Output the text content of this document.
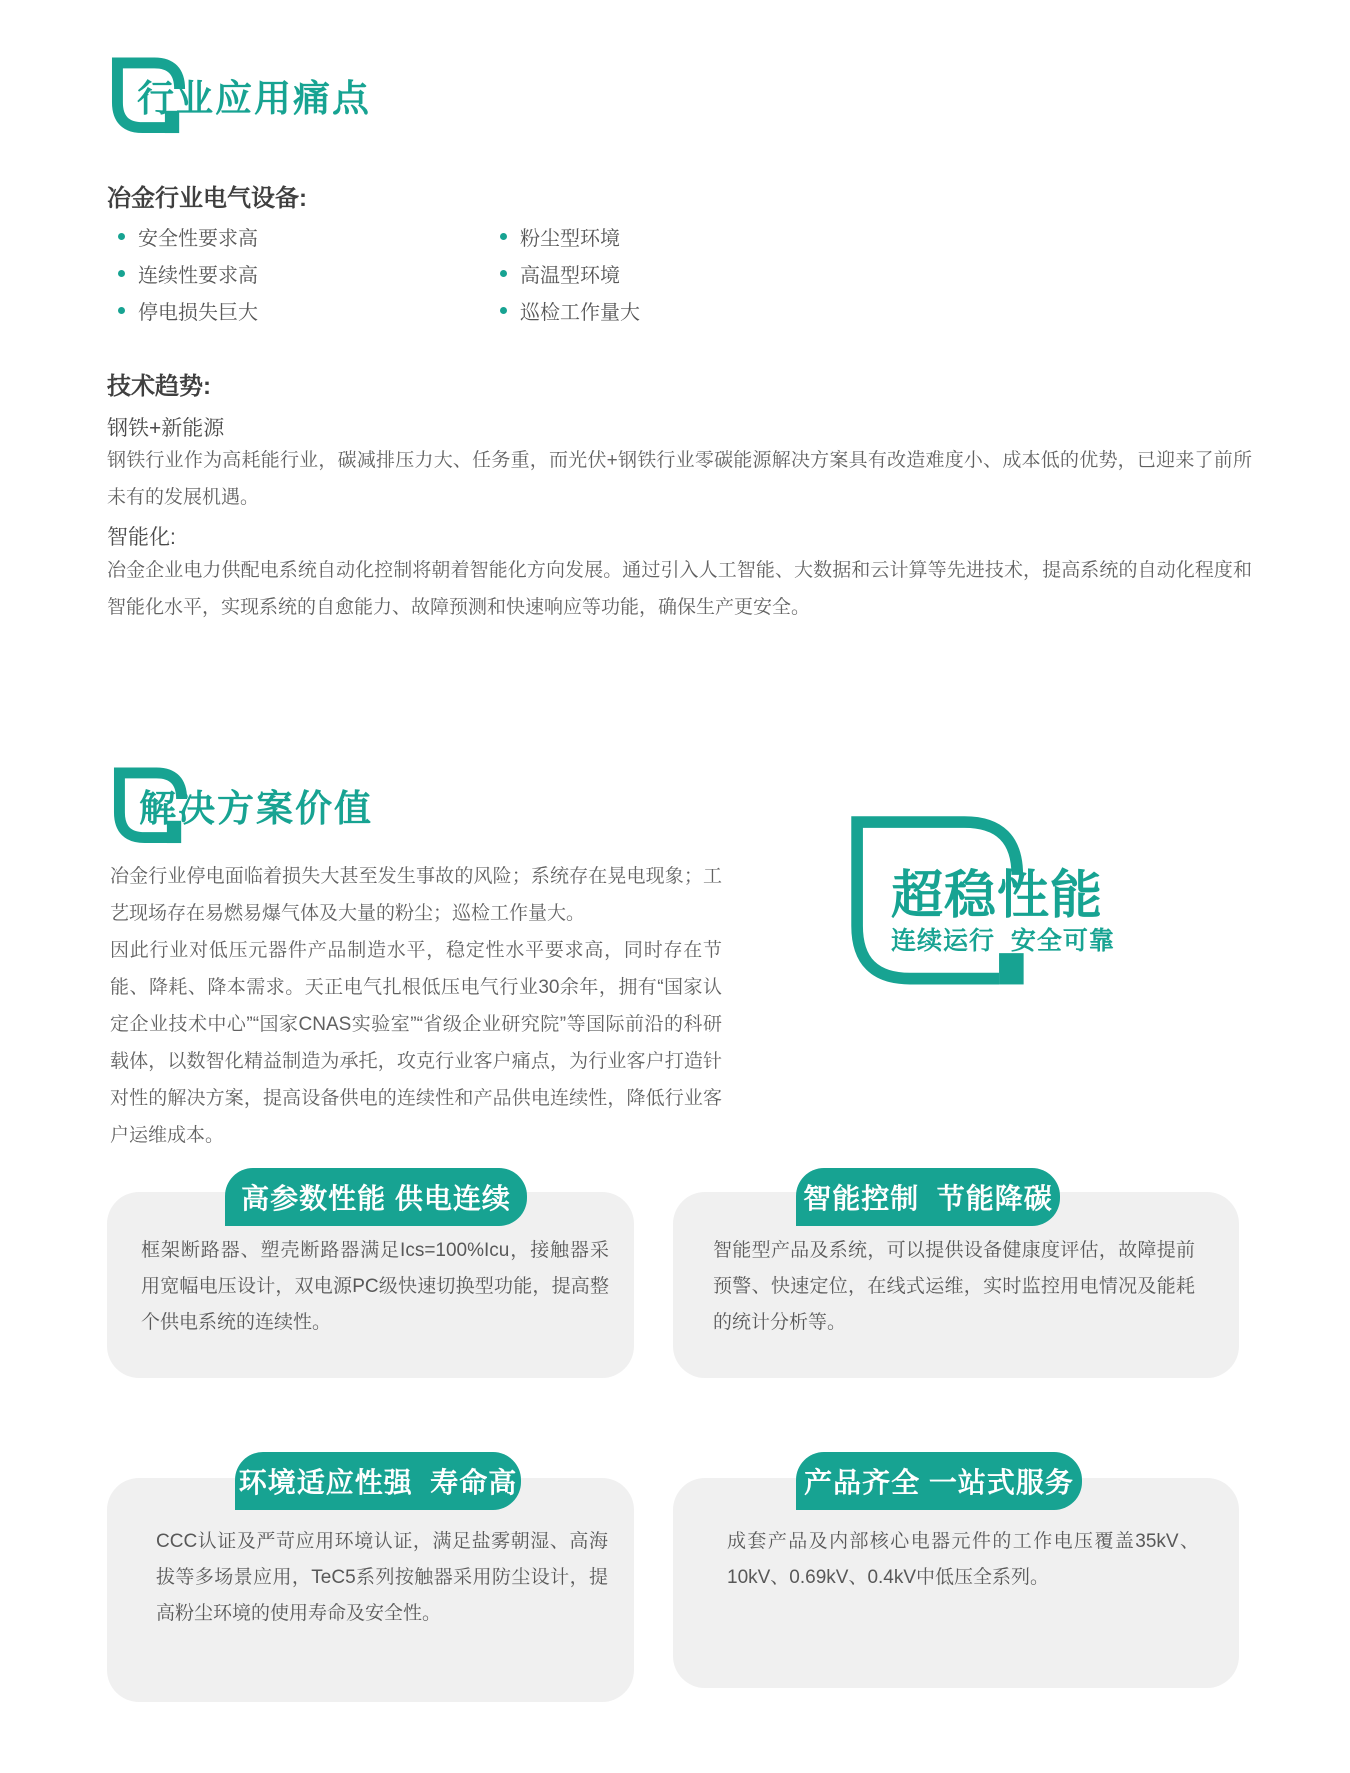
行业应用痛点
冶金行业电气设备:
安全性要求高
连续性要求高
停电损失巨大
粉尘型环境
高温型环境
巡检工作量大
技术趋势:
钢铁+新能源
钢铁行业作为高耗能行业，碳减排压力大、任务重，而光伏+钢铁行业零碳能源解决方案具有改造难度小、成本低的优势，已迎来了前所未有的发展机遇。
智能化:
冶金企业电力供配电系统自动化控制将朝着智能化方向发展。通过引入人工智能、大数据和云计算等先进技术，提高系统的自动化程度和智能化水平，实现系统的自愈能力、故障预测和快速响应等功能，确保生产更安全。
解决方案价值
冶金行业停电面临着损失大甚至发生事故的风险；系统存在晃电现象；工艺现场存在易燃易爆气体及大量的粉尘；巡检工作量大。
因此行业对低压元器件产品制造水平，稳定性水平要求高，同时存在节能、降耗、降本需求。天正电气扎根低压电气行业30余年，拥有“国家认定企业技术中心”“国家CNAS实验室”“省级企业研究院”等国际前沿的科研载体，以数智化精益制造为承托，攻克行业客户痛点，为行业客户打造针对性的解决方案，提高设备供电的连续性和产品供电连续性，降低行业客户运维成本。
超稳性能
连续运行  安全可靠
高参数性能 供电连续
框架断路器、塑壳断路器满足Ics=100%Icu，接触器采用宽幅电压设计，双电源PC级快速切换型功能，提高整个供电系统的连续性。
智能控制  节能降碳
智能型产品及系统，可以提供设备健康度评估，故障提前预警、快速定位，在线式运维，实时监控用电情况及能耗的统计分析等。
环境适应性强  寿命高
CCC认证及严苛应用环境认证，满足盐雾朝湿、高海拔等多场景应用，TeC5系列按触器采用防尘设计，提高粉尘环境的使用寿命及安全性。
产品齐全 一站式服务
成套产品及内部核心电器元件的工作电压覆盖35kV、10kV、0.69kV、0.4kV中低压全系列。
